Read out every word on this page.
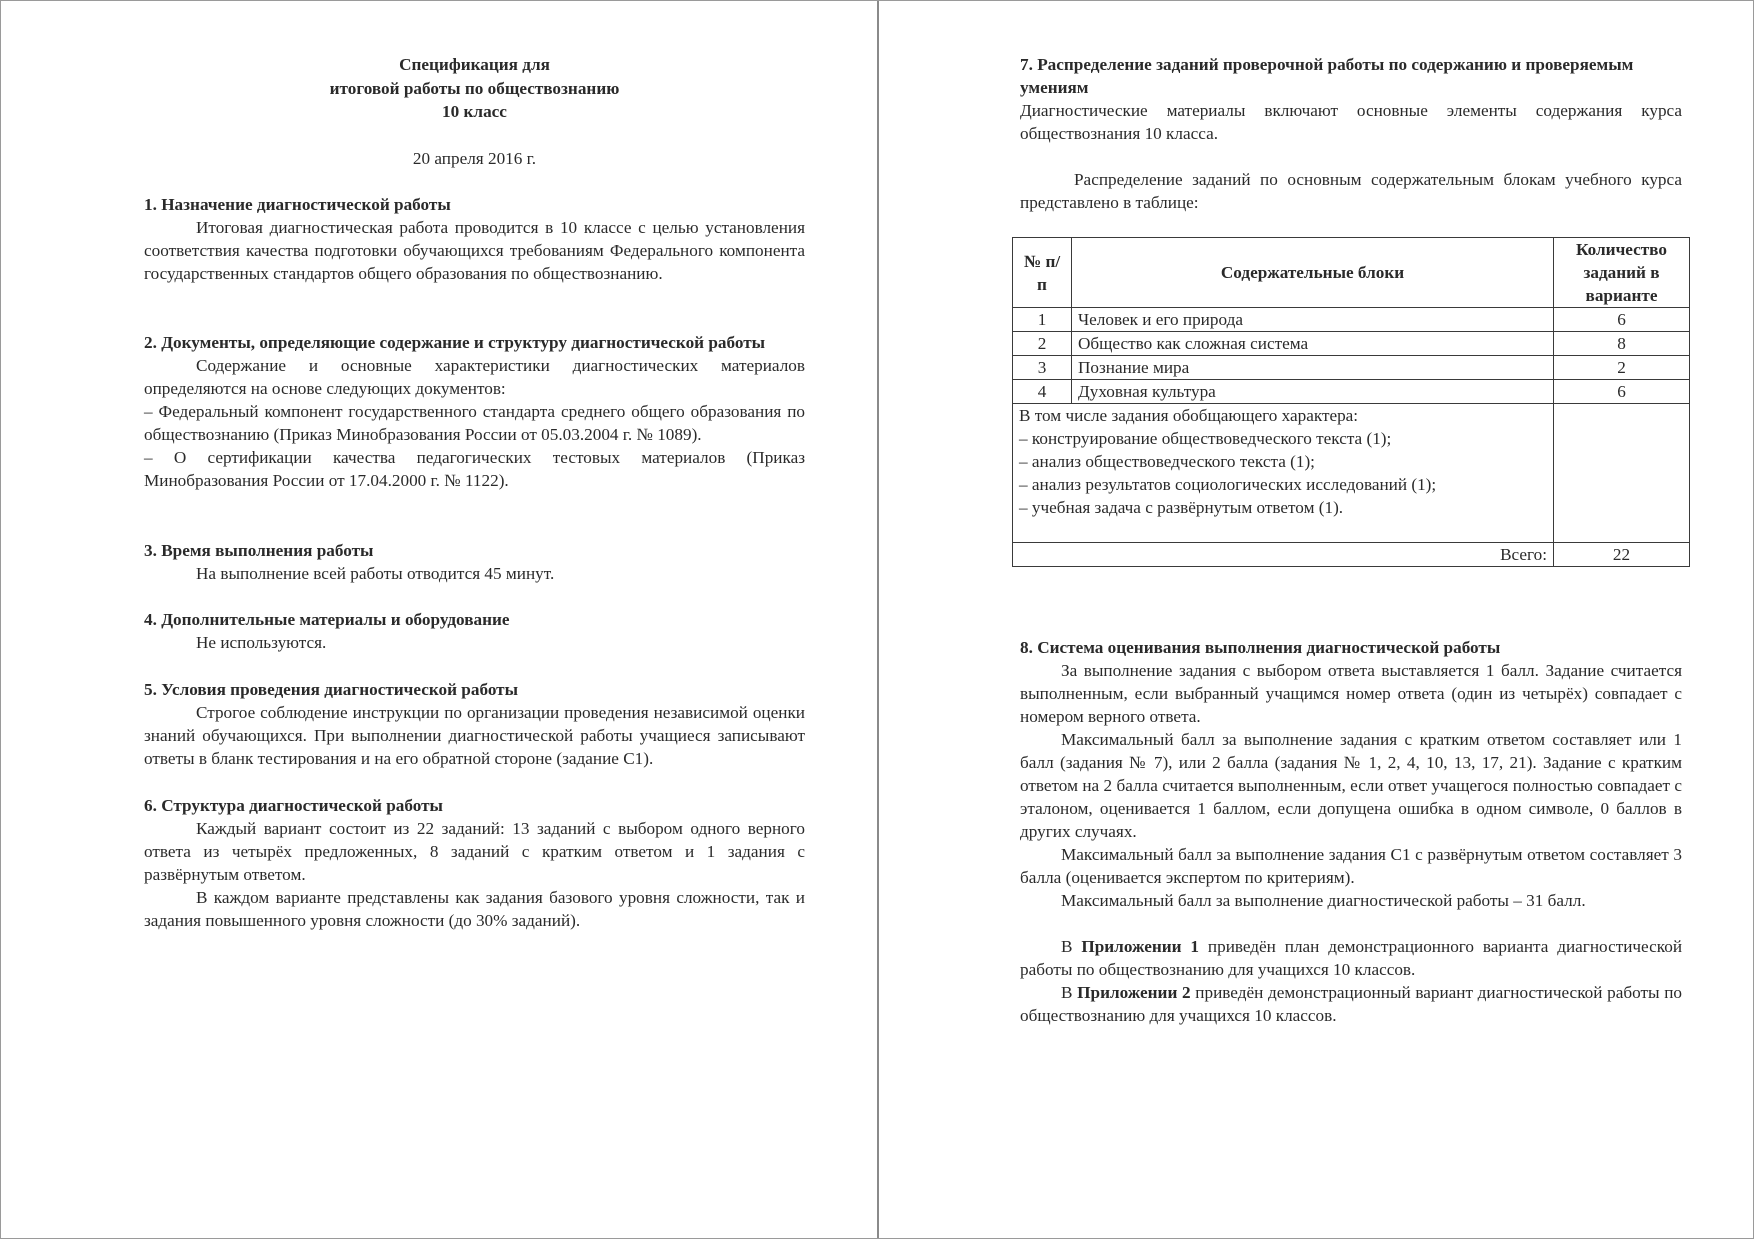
Спецификация для
итоговой работы по обществознанию
10 класс
20 апреля 2016 г.
1. Назначение диагностической работы

Итоговая диагностическая работа проводится в 10 классе с целью установления соответствия качества подготовки обучающихся требованиям Федерального компонента государственных стандартов общего образования по обществознанию.

2. Документы, определяющие содержание и структуру диагностической работы

Содержание и основные характеристики диагностических материалов определяются на основе следующих документов:

– Федеральный компонент государственного стандарта среднего общего образования по обществознанию (Приказ Минобразования России от 05.03.2004 г. № 1089).

– О сертификации качества педагогических тестовых материалов (Приказ Минобразования России от 17.04.2000 г. № 1122).

3. Время выполнения работы

На выполнение всей работы отводится 45 минут.

4. Дополнительные материалы и оборудование

Не используются.

5. Условия проведения диагностической работы

Строгое соблюдение инструкции по организации проведения независимой оценки знаний обучающихся. При выполнении диагностической работы учащиеся записывают ответы в бланк тестирования и на его обратной стороне (задание С1).

6. Структура диагностической работы

Каждый вариант состоит из 22 заданий: 13 заданий с выбором одного верного ответа из четырёх предложенных, 8 заданий с кратким ответом и 1 задания с развёрнутым ответом.

В каждом варианте представлены как задания базового уровня сложности, так и задания повышенного уровня сложности (до 30% заданий).

7. Распределение заданий проверочной работы по содержанию и проверяемым умениям

Диагностические материалы включают основные элементы содержания курса обществознания 10 класса.

Распределение заданий по основным содержательным блокам учебного курса представлено в таблице:

№ п/п	Содержательные блоки	Количество заданий в варианте
1	Человек и его природа	6
2	Общество как сложная система	8
3	Познание мира	2
4	Духовная культура	6

В том числе задания обобщающего характера:
– конструирование обществоведческого текста (1);
– анализ обществоведческого текста (1);
– анализ результатов социологических исследований (1);
– учебная задача с развёрнутым ответом (1).		

Всего:		22
8. Система оценивания выполнения диагностической работы

За выполнение задания с выбором ответа выставляется 1 балл. Задание считается выполненным, если выбранный учащимся номер ответа (один из четырёх) совпадает с номером верного ответа.

Максимальный балл за выполнение задания с кратким ответом составляет или 1 балл (задания № 7), или 2 балла (задания № 1, 2, 4, 10, 13, 17, 21). Задание с кратким ответом на 2 балла считается выполненным, если ответ учащегося полностью совпадает с эталоном, оценивается 1 баллом, если допущена ошибка в одном символе, 0 баллов в других случаях.

Максимальный балл за выполнение задания С1 с развёрнутым ответом составляет 3 балла (оценивается экспертом по критериям).

Максимальный балл за выполнение диагностической работы – 31 балл.

В Приложении 1 приведён план демонстрационного варианта диагностической работы по обществознанию для учащихся 10 классов.

В Приложении 2 приведён демонстрационный вариант диагностической работы по обществознанию для учащихся 10 классов.
